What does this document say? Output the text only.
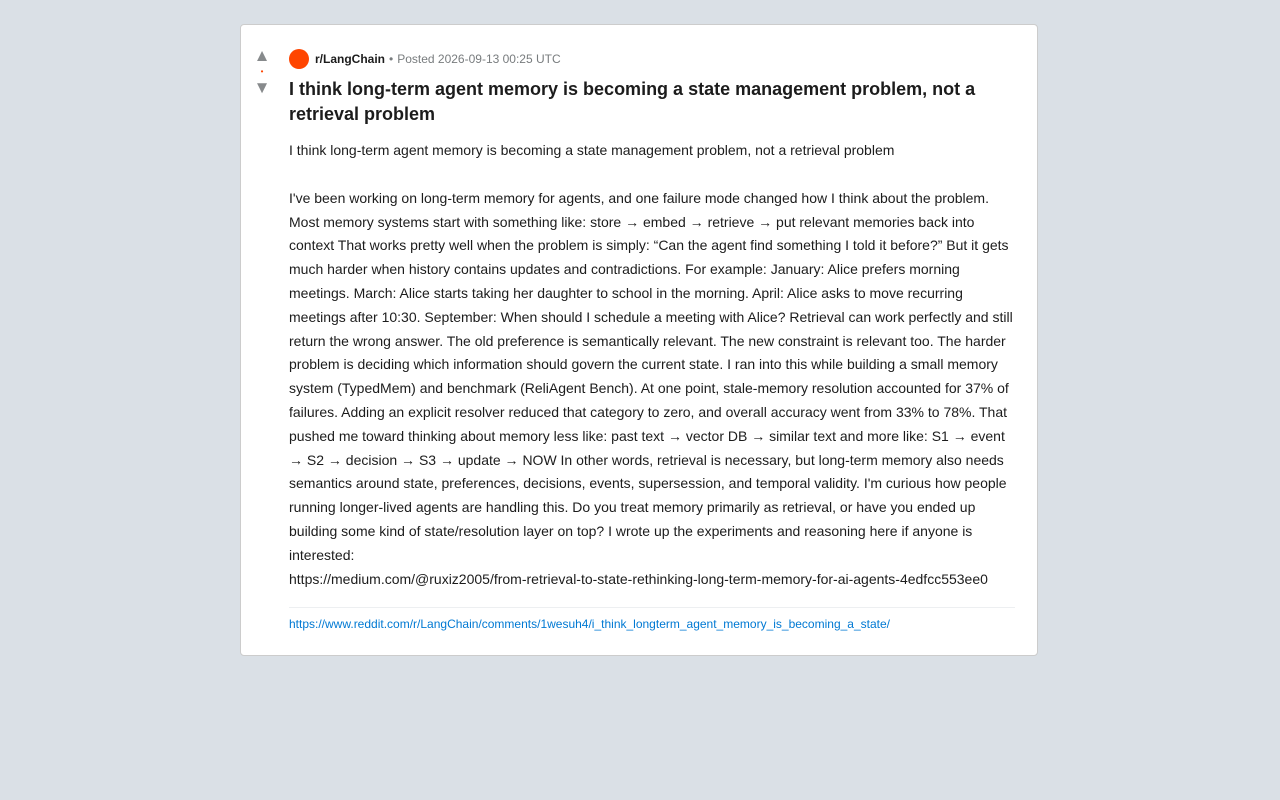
▲
•
▼
r/LangChain • Posted 2026-09-13 00:25 UTC
I think long-term agent memory is becoming a state management problem, not a retrieval problem

I think long-term agent memory is becoming a state management problem, not a retrieval problem

I've been working on long-term memory for agents, and one failure mode changed how I think about the problem. Most memory systems start with something like: store → embed → retrieve → put relevant memories back into context That works pretty well when the problem is simply: “Can the agent find something I told it before?” But it gets much harder when history contains updates and contradictions. For example: January: Alice prefers morning meetings. March: Alice starts taking her daughter to school in the morning. April: Alice asks to move recurring meetings after 10:30. September: When should I schedule a meeting with Alice? Retrieval can work perfectly and still return the wrong answer. The old preference is semantically relevant. The new constraint is relevant too. The harder problem is deciding which information should govern the current state. I ran into this while building a small memory system (TypedMem) and benchmark (ReliAgent Bench). At one point, stale-memory resolution accounted for 37% of failures. Adding an explicit resolver reduced that category to zero, and overall accuracy went from 33% to 78%. That pushed me toward thinking about memory less like: past text → vector DB → similar text and more like: S1 → event → S2 → decision → S3 → update → NOW In other words, retrieval is necessary, but long-term memory also needs semantics around state, preferences, decisions, events, supersession, and temporal validity. I'm curious how people running longer-lived agents are handling this. Do you treat memory primarily as retrieval, or have you ended up building some kind of state/resolution layer on top? I wrote up the experiments and reasoning here if anyone is interested:

https://medium.com/@ruxiz2005/from-retrieval-to-state-rethinking-long-term-memory-for-ai-agents-4edfcc553ee0

https://www.reddit.com/r/LangChain/comments/1wesuh4/i_think_longterm_agent_memory_is_becoming_a_state/
